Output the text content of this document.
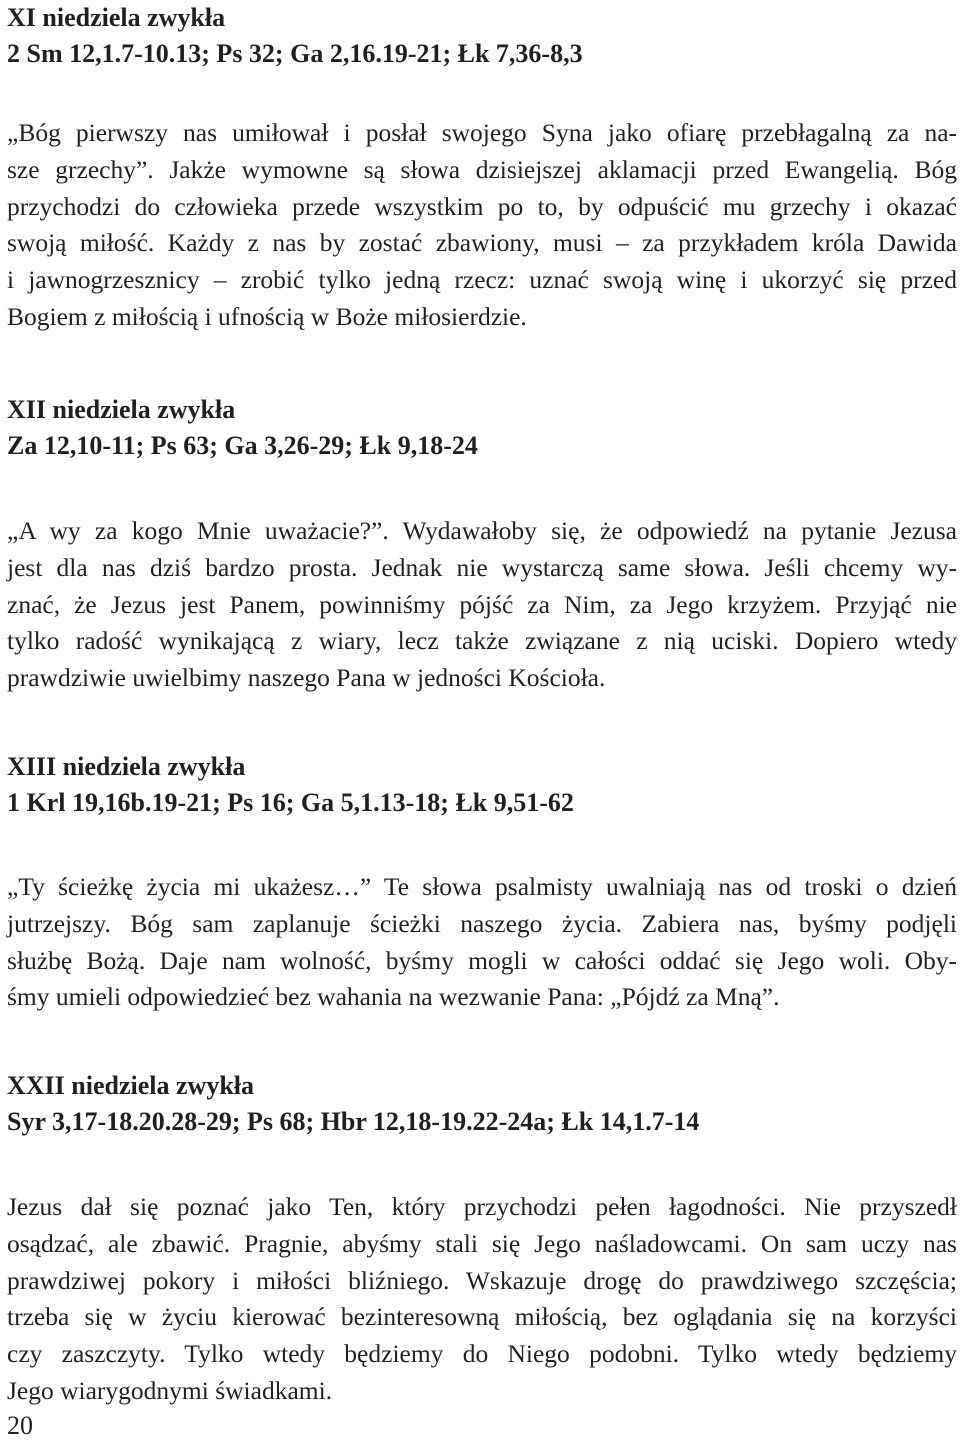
XI niedziela zwykła
2 Sm 12,1.7-10.13; Ps 32; Ga 2,16.19-21; Łk 7,36-8,3

„Bóg pierwszy nas umiłował i posłał swojego Syna jako ofiarę przebłagalną za na-
sze grzechy”. Jakże wymowne są słowa dzisiejszej aklamacji przed Ewangelią. Bóg
przychodzi do człowieka przede wszystkim po to, by odpuścić mu grzechy i okazać
swoją miłość. Każdy z nas by zostać zbawiony, musi – za przykładem króla Dawida
i jawnogrzesznicy – zrobić tylko jedną rzecz: uznać swoją winę i ukorzyć się przed
Bogiem z miłością i ufnością w Boże miłosierdzie.

XII niedziela zwykła
Za 12,10-11; Ps 63; Ga 3,26-29; Łk 9,18-24

„A wy za kogo Mnie uważacie?”. Wydawałoby się, że odpowiedź na pytanie Jezusa
jest dla nas dziś bardzo prosta. Jednak nie wystarczą same słowa. Jeśli chcemy wy-
znać, że Jezus jest Panem, powinniśmy pójść za Nim, za Jego krzyżem. Przyjąć nie
tylko radość wynikającą z wiary, lecz także związane z nią uciski. Dopiero wtedy
prawdziwie uwielbimy naszego Pana w jedności Kościoła.

XIII niedziela zwykła
1 Krl 19,16b.19-21; Ps 16; Ga 5,1.13-18; Łk 9,51-62

„Ty ścieżkę życia mi ukażesz…” Te słowa psalmisty uwalniają nas od troski o dzień
jutrzejszy. Bóg sam zaplanuje ścieżki naszego życia. Zabiera nas, byśmy podjęli
służbę Bożą. Daje nam wolność, byśmy mogli w całości oddać się Jego woli. Oby-
śmy umieli odpowiedzieć bez wahania na wezwanie Pana: „Pójdź za Mną”.

XXII niedziela zwykła
Syr 3,17-18.20.28-29; Ps 68; Hbr 12,18-19.22-24a; Łk 14,1.7-14

Jezus dał się poznać jako Ten, który przychodzi pełen łagodności. Nie przyszedł
osądzać, ale zbawić. Pragnie, abyśmy stali się Jego naśladowcami. On sam uczy nas
prawdziwej pokory i miłości bliźniego. Wskazuje drogę do prawdziwego szczęścia;
trzeba się w życiu kierować bezinteresowną miłością, bez oglądania się na korzyści
czy zaszczyty. Tylko wtedy będziemy do Niego podobni. Tylko wtedy będziemy
Jego wiarygodnymi świadkami.

20
